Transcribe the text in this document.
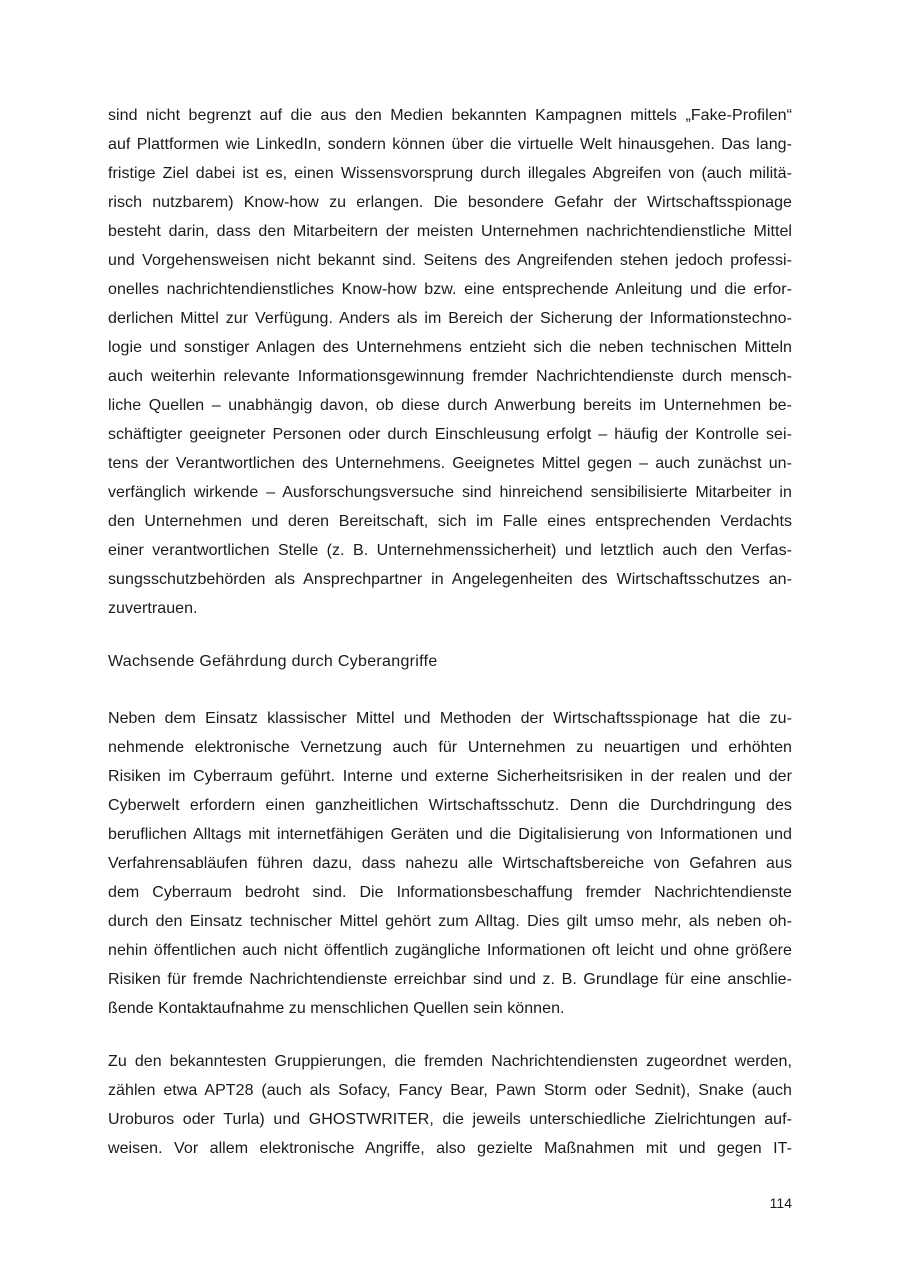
sind nicht begrenzt auf die aus den Medien bekannten Kampagnen mittels „Fake-Profilen“

auf Plattformen wie LinkedIn, sondern können über die virtuelle Welt hinausgehen. Das lang-

fristige Ziel dabei ist es, einen Wissensvorsprung durch illegales Abgreifen von (auch militä-

risch nutzbarem) Know-how zu erlangen. Die besondere Gefahr der Wirtschaftsspionage

besteht darin, dass den Mitarbeitern der meisten Unternehmen nachrichtendienstliche Mittel

und Vorgehensweisen nicht bekannt sind. Seitens des Angreifenden stehen jedoch professi-

onelles nachrichtendienstliches Know-how bzw. eine entsprechende Anleitung und die erfor-

derlichen Mittel zur Verfügung. Anders als im Bereich der Sicherung der Informationstechno-

logie und sonstiger Anlagen des Unternehmens entzieht sich die neben technischen Mitteln

auch weiterhin relevante Informationsgewinnung fremder Nachrichtendienste durch mensch-

liche Quellen – unabhängig davon, ob diese durch Anwerbung bereits im Unternehmen be-

schäftigter geeigneter Personen oder durch Einschleusung erfolgt – häufig der Kontrolle sei-

tens der Verantwortlichen des Unternehmens. Geeignetes Mittel gegen – auch zunächst un-

verfänglich wirkende – Ausforschungsversuche sind hinreichend sensibilisierte Mitarbeiter in

den Unternehmen und deren Bereitschaft, sich im Falle eines entsprechenden Verdachts

einer verantwortlichen Stelle (z. B. Unternehmenssicherheit) und letztlich auch den Verfas-

sungsschutzbehörden als Ansprechpartner in Angelegenheiten des Wirtschaftsschutzes an-

zuvertrauen.

Wachsende Gefährdung durch Cyberangriffe

Neben dem Einsatz klassischer Mittel und Methoden der Wirtschaftsspionage hat die zu-

nehmende elektronische Vernetzung auch für Unternehmen zu neuartigen und erhöhten

Risiken im Cyberraum geführt. Interne und externe Sicherheitsrisiken in der realen und der

Cyberwelt erfordern einen ganzheitlichen Wirtschaftsschutz. Denn die Durchdringung des

beruflichen Alltags mit internetfähigen Geräten und die Digitalisierung von Informationen und

Verfahrensabläufen führen dazu, dass nahezu alle Wirtschaftsbereiche von Gefahren aus

dem Cyberraum bedroht sind. Die Informationsbeschaffung fremder Nachrichtendienste

durch den Einsatz technischer Mittel gehört zum Alltag. Dies gilt umso mehr, als neben oh-

nehin öffentlichen auch nicht öffentlich zugängliche Informationen oft leicht und ohne größere

Risiken für fremde Nachrichtendienste erreichbar sind und z. B. Grundlage für eine anschlie-

ßende Kontaktaufnahme zu menschlichen Quellen sein können.

Zu den bekanntesten Gruppierungen, die fremden Nachrichtendiensten zugeordnet werden,

zählen etwa APT28 (auch als Sofacy, Fancy Bear, Pawn Storm oder Sednit), Snake (auch

Uroburos oder Turla) und GHOSTWRITER, die jeweils unterschiedliche Zielrichtungen auf-

weisen. Vor allem elektronische Angriffe, also gezielte Maßnahmen mit und gegen IT-

114
